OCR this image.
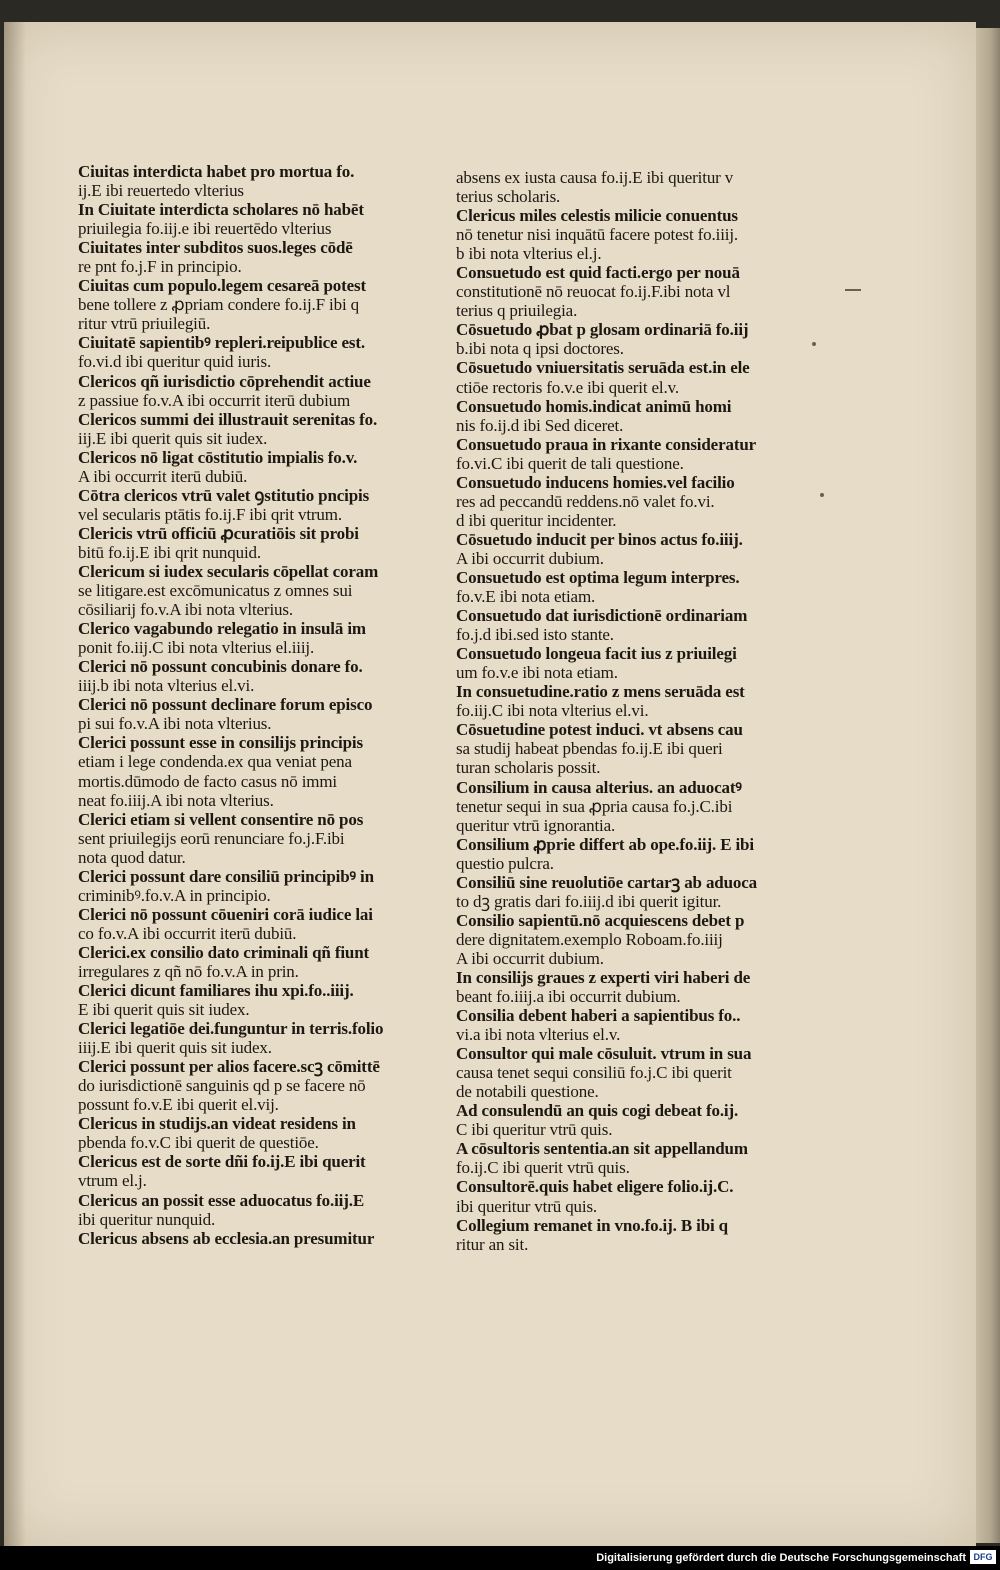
Ciuitas interdicta habet pro mortua fo.
ij.E ibi reuertedo vlterius
In Ciuitate interdicta scholares nō habēt
priuilegia fo.iij.e ibi reuertēdo vlterius
Ciuitates inter subditos suos.leges cōdē
re pnt fo.j.F in principio.
Ciuitas cum populo.legem cesareā potest
bene tollere z ꝓpriam condere fo.ij.F ibi q
ritur vtrū priuilegiū.
Ciuitatē sapientibꝰ repleri.reipublice est.
fo.vi.d ibi queritur quid iuris.
Clericos qñ iurisdictio cōprehendit actiue
z passiue fo.v.A ibi occurrit iterū dubium
Clericos summi dei illustrauit serenitas fo.
iij.E ibi querit quis sit iudex.
Clericos nō ligat cōstitutio impialis fo.v.
A ibi occurrit iterū dubiū.
Cōtra clericos vtrū valet ꝯstitutio pncipis
vel secularis ptātis fo.ij.F ibi qrit vtrum.
Clericis vtrū officiū ꝓcuratiōis sit probi
bitū fo.ij.E ibi qrit nunquid.
Clericum si iudex secularis cōpellat coram
se litigare.est excōmunicatus z omnes sui
cōsiliarij fo.v.A ibi nota vlterius.
Clerico vagabundo relegatio in insulā im
ponit fo.iij.C ibi nota vlterius el.iiij.
Clerici nō possunt concubinis donare fo.
iiij.b ibi nota vlterius el.vi.
Clerici nō possunt declinare forum episco
pi sui fo.v.A ibi nota vlterius.
Clerici possunt esse in consilijs principis
etiam i lege condenda.ex qua veniat pena
mortis.dūmodo de facto casus nō immi
neat fo.iiij.A ibi nota vlterius.
Clerici etiam si vellent consentire nō pos
sent priuilegijs eorū renunciare fo.j.F.ibi
nota quod datur.
Clerici possunt dare consiliū principibꝰ in
criminibꝰ.fo.v.A in principio.
Clerici nō possunt cōueniri corā iudice lai
co fo.v.A ibi occurrit iterū dubiū.
Clerici.ex consilio dato criminali qñ fiunt
irregulares z qñ nō fo.v.A in prin.
Clerici dicunt familiares ihu xpi.fo..iiij.
E ibi querit quis sit iudex.
Clerici legatiōe dei.funguntur in terris.folio
iiij.E ibi querit quis sit iudex.
Clerici possunt per alios facere.scꝫ cōmittē
do iurisdictionē sanguinis qd p se facere nō
possunt fo.v.E ibi querit el.vij.
Clericus in studijs.an videat residens in
pbenda fo.v.C ibi querit de questiōe.
Clericus est de sorte dñi fo.ij.E ibi querit
vtrum el.j.
Clericus an possit esse aduocatus fo.iij.E
ibi queritur nunquid.
Clericus absens ab ecclesia.an presumitur
absens ex iusta causa fo.ij.E ibi queritur v
terius scholaris.
Clericus miles celestis milicie conuentus
nō tenetur nisi inquātū facere potest fo.iiij.
b ibi nota vlterius el.j.
Consuetudo est quid facti.ergo per nouā
constitutionē nō reuocat fo.ij.F.ibi nota vl
terius q priuilegia.
Cōsuetudo ꝓbat p glosam ordinariā fo.iij
b.ibi nota q ipsi doctores.
Cōsuetudo vniuersitatis seruāda est.in ele
ctiōe rectoris fo.v.e ibi querit el.v.
Consuetudo homis.indicat animū homi
nis fo.ij.d ibi Sed diceret.
Consuetudo praua in rixante consideratur
fo.vi.C ibi querit de tali questione.
Consuetudo inducens homies.vel facilio
res ad peccandū reddens.nō valet fo.vi.
d ibi queritur incidenter.
Cōsuetudo inducit per binos actus fo.iiij.
A ibi occurrit dubium.
Consuetudo est optima legum interpres.
fo.v.E ibi nota etiam.
Consuetudo dat iurisdictionē ordinariam
fo.j.d ibi.sed isto stante.
Consuetudo longeua facit ius z priuilegi
um fo.v.e ibi nota etiam.
In consuetudine.ratio z mens seruāda est
fo.iij.C ibi nota vlterius el.vi.
Cōsuetudine potest induci. vt absens cau
sa studij habeat pbendas fo.ij.E ibi queri
turan scholaris possit.
Consilium in causa alterius. an aduocatꝰ
tenetur sequi in sua ꝓpria causa fo.j.C.ibi
queritur vtrū ignorantia.
Consilium ꝓprie differt ab ope.fo.iij. E ibi
questio pulcra.
Consiliū sine reuolutiōe cartarꝫ ab aduoca
to dꝫ gratis dari fo.iiij.d ibi querit igitur.
Consilio sapientū.nō acquiescens debet p
dere dignitatem.exemplo Roboam.fo.iiij
A ibi occurrit dubium.
In consilijs graues z experti viri haberi de
beant fo.iiij.a ibi occurrit dubium.
Consilia debent haberi a sapientibus fo..
vi.a ibi nota vlterius el.v.
Consultor qui male cōsuluit. vtrum in sua
causa tenet sequi consiliū fo.j.C ibi querit
de notabili questione.
Ad consulendū an quis cogi debeat fo.ij.
C ibi queritur vtrū quis.
A cōsultoris sententia.an sit appellandum
fo.ij.C ibi querit vtrū quis.
Consultorē.quis habet eligere folio.ij.C.
ibi queritur vtrū quis.
Collegium remanet in vno.fo.ij. B ibi q
ritur an sit.
Digitalisierung gefördert durch die Deutsche Forschungsgemeinschaft DFG
